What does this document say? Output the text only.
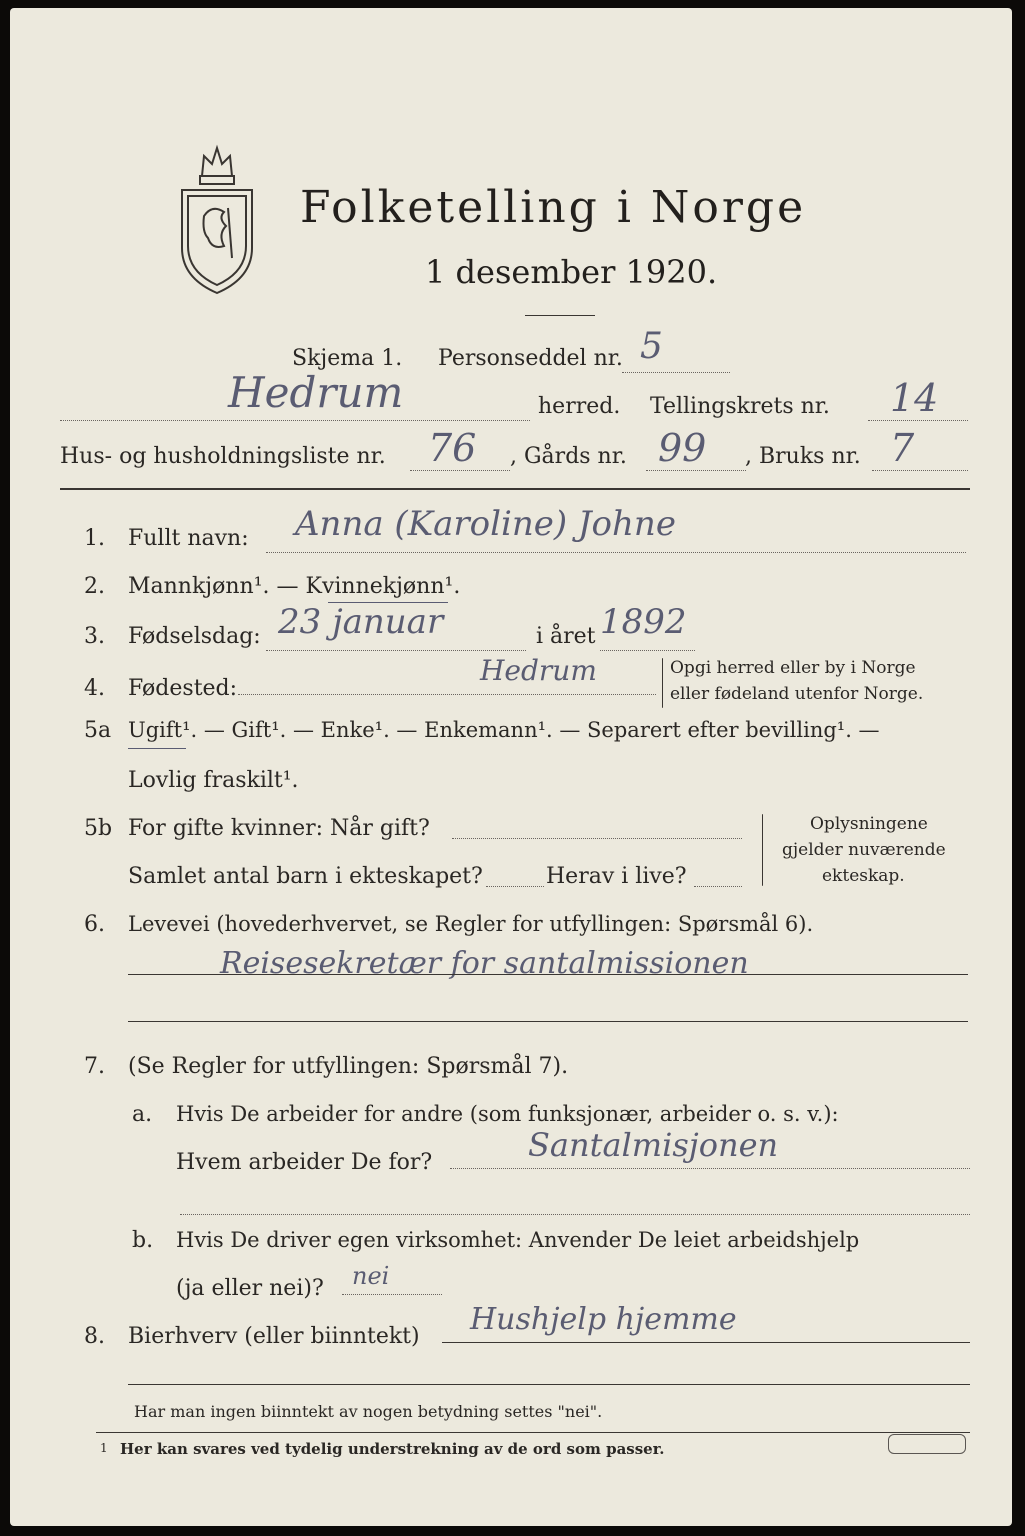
Folketelling i Norge
1 desember 1920.
Skjema 1. Personseddel nr. 5
Hedrum	herred. Tellingskrets nr. 14
Hus- og husholdningsliste nr. 76 , Gårds nr. 99 , Bruks nr. 7
1. Fullt navn: Anna (Karoline) Johne
2. Mannkjønn¹. — Kvinnekjønn¹.
3. Fødselsdag: 23 januar	i året 1892
4. Fødested:
Hedrum	Opgi herred eller by i Norge
eller fødeland utenfor Norge.
5a Ugift¹. — Gift¹. — Enke¹. — Enkemann¹. — Separert efter bevilling¹. —
Lovlig fraskilt¹.
5b For gifte kvinner: Når gift?
Samlet antal barn i ekteskapet?	Herav i live?
Oplysningene
gjelder nuværende
ekteskap.
6. Levevei (hovederhvervet, se Regler for utfyllingen: Spørsmål 6).
Reisesekretær for santalmissionen
7. (Se Regler for utfyllingen: Spørsmål 7).
a. Hvis De arbeider for andre (som funksjonær, arbeider o. s. v.):
Hvem arbeider De for?	Santalmisjonen
b. Hvis De driver egen virksomhet: Anvender De leiet arbeidshjelp
(ja eller nei)? nei
8. Bierhverv (eller biinntekt) Hushjelp hjemme
Har man ingen biinntekt av nogen betydning settes "nei".
1 Her kan svares ved tydelig understrekning av de ord som passer.
